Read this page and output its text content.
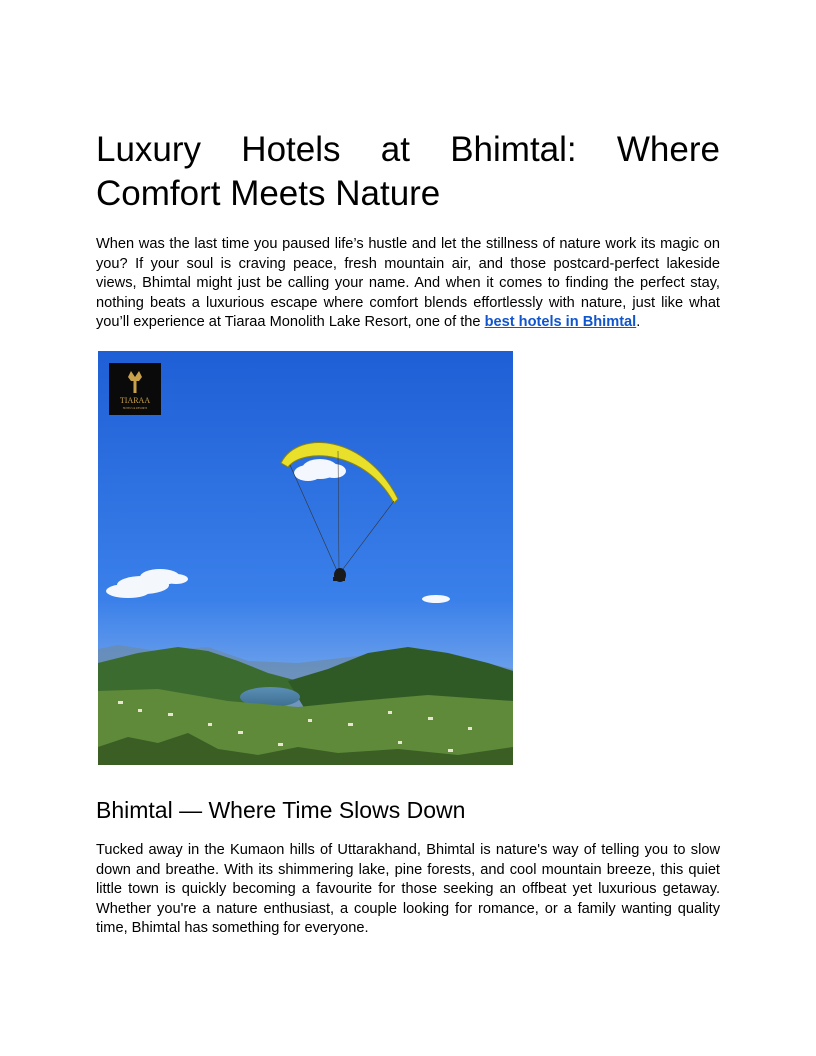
Luxury Hotels at Bhimtal: Where Comfort Meets Nature

When was the last time you paused life’s hustle and let the stillness of nature work its magic on you? If your soul is craving peace, fresh mountain air, and those postcard-perfect lakeside views, Bhimtal might just be calling your name. And when it comes to finding the perfect stay, nothing beats a luxurious escape where comfort blends effortlessly with nature, just like what you’ll experience at Tiaraa Monolith Lake Resort, one of the best hotels in Bhimtal.

TIARAA
HOTELS & RESORTS
Bhimtal — Where Time Slows Down

Tucked away in the Kumaon hills of Uttarakhand, Bhimtal is nature's way of telling you to slow down and breathe. With its shimmering lake, pine forests, and cool mountain breeze, this quiet little town is quickly becoming a favourite for those seeking an offbeat yet luxurious getaway. Whether you're a nature enthusiast, a couple looking for romance, or a family wanting quality time, Bhimtal has something for everyone.
